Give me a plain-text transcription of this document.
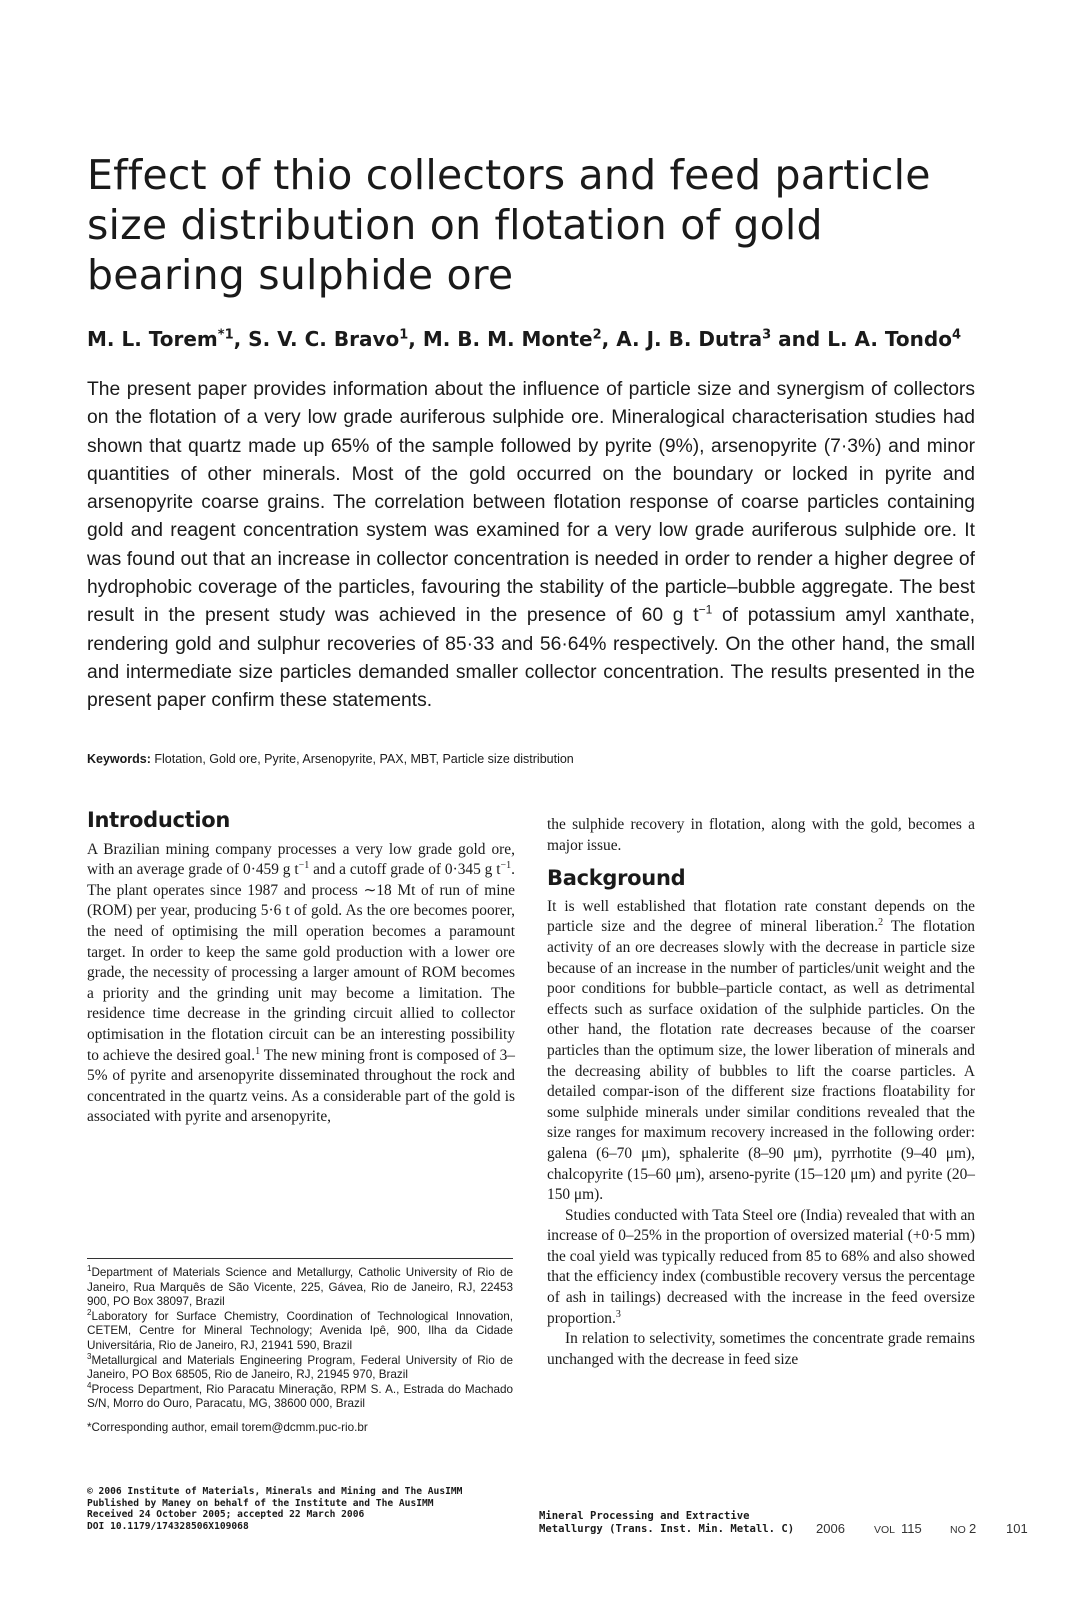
Effect of thio collectors and feed particle size distribution on flotation of gold bearing sulphide ore
M. L. Torem$^{*1}$, S. V. C. Bravo$^1$, M. B. M. Monte$^2$, A. J. B. Dutra$^3$ and L. A. Tondo$^4$

The present paper provides information about the influence of particle size and synergism of collectors on the flotation of a very low grade auriferous sulphide ore. Mineralogical characterisation studies had shown that quartz made up 65% of the sample followed by pyrite (9%), arsenopyrite (7·3%) and minor quantities of other minerals. Most of the gold occurred on the boundary or locked in pyrite and arsenopyrite coarse grains. The correlation between flotation response of coarse particles containing gold and reagent concentration system was examined for a very low grade auriferous sulphide ore. It was found out that an increase in collector concentration is needed in order to render a higher degree of hydrophobic coverage of the particles, favouring the stability of the particle–bubble aggregate. The best result in the present study was achieved in the presence of 60 g $t^{-1}$ of potassium amyl xanthate, rendering gold and sulphur recoveries of 85·33 and 56·64% respectively. On the other hand, the small and intermediate size particles demanded smaller collector concentration. The results presented in the present paper confirm these statements.

Keywords: Flotation, Gold ore, Pyrite, Arsenopyrite, PAX, MBT, Particle size distribution
Introduction

A Brazilian mining company processes a very low grade gold ore, with an average grade of 0·459 g $t^{-1}$ and a cutoff grade of 0·345 g $t^{-1}$. The plant operates since 1987 and process ∼18 Mt of run of mine (ROM) per year, producing 5·6 t of gold. As the ore becomes poorer, the need of optimising the mill operation becomes a paramount target. In order to keep the same gold production with a lower ore grade, the necessity of processing a larger amount of ROM becomes a priority and the grinding unit may become a limitation. The residence time decrease in the grinding circuit allied to collector optimisation in the flotation circuit can be an interesting possibility to achieve the desired goal.$^1$ The new mining front is composed of 3–5% of pyrite and arsenopyrite disseminated throughout the rock and concentrated in the quartz veins. As a considerable part of the gold is associated with pyrite and arsenopyrite,

the sulphide recovery in flotation, along with the gold, becomes a major issue.

Background

It is well established that flotation rate constant depends on the particle size and the degree of mineral liberation.$^2$ The flotation activity of an ore decreases slowly with the decrease in particle size because of an increase in the number of particles/unit weight and the poor conditions for bubble–particle contact, as well as detrimental effects such as surface oxidation of the sulphide particles. On the other hand, the flotation rate decreases because of the coarser particles than the optimum size, the lower liberation of minerals and the decreasing ability of bubbles to lift the coarse particles. A detailed compar-ison of the different size fractions floatability for some sulphide minerals under similar conditions revealed that the size ranges for maximum recovery increased in the following order: galena (6–70 μm), sphalerite (8–90 μm), pyrrhotite (9–40 μm), chalcopyrite (15–60 μm), arseno-pyrite (15–120 μm) and pyrite (20–150 μm).

Studies conducted with Tata Steel ore (India) revealed that with an increase of 0–25% in the proportion of oversized material (+0·5 mm) the coal yield was typically reduced from 85 to 68% and also showed that the efficiency index (combustible recovery versus the percentage of ash in tailings) decreased with the increase in the feed oversize proportion.$^3$

In relation to selectivity, sometimes the concentrate grade remains unchanged with the decrease in feed size

$^1$Department of Materials Science and Metallurgy, Catholic University of Rio de Janeiro, Rua Marquês de São Vicente, 225, Gávea, Rio de Janeiro, RJ, 22453 900, PO Box 38097, Brazil

$^2$Laboratory for Surface Chemistry, Coordination of Technological Innovation, CETEM, Centre for Mineral Technology; Avenida Ipê, 900, Ilha da Cidade Universitária, Rio de Janeiro, RJ, 21941 590, Brazil

$^3$Metallurgical and Materials Engineering Program, Federal University of Rio de Janeiro, PO Box 68505, Rio de Janeiro, RJ, 21945 970, Brazil

$^4$Process Department, Rio Paracatu Mineração, RPM S. A., Estrada do Machado S/N, Morro do Ouro, Paracatu, MG, 38600 000, Brazil

*Corresponding author, email torem@dcmm.puc-rio.br

© 2006 Institute of Materials, Minerals and Mining and The AusIMM
Published by Maney on behalf of the Institute and The AusIMM
Received 24 October 2005; accepted 22 March 2006
DOI 10.1179/174328506X109068
Mineral Processing and Extractive
Metallurgy (Trans. Inst. Min. Metall. C)	2006	VOL 115	NO 2 101
